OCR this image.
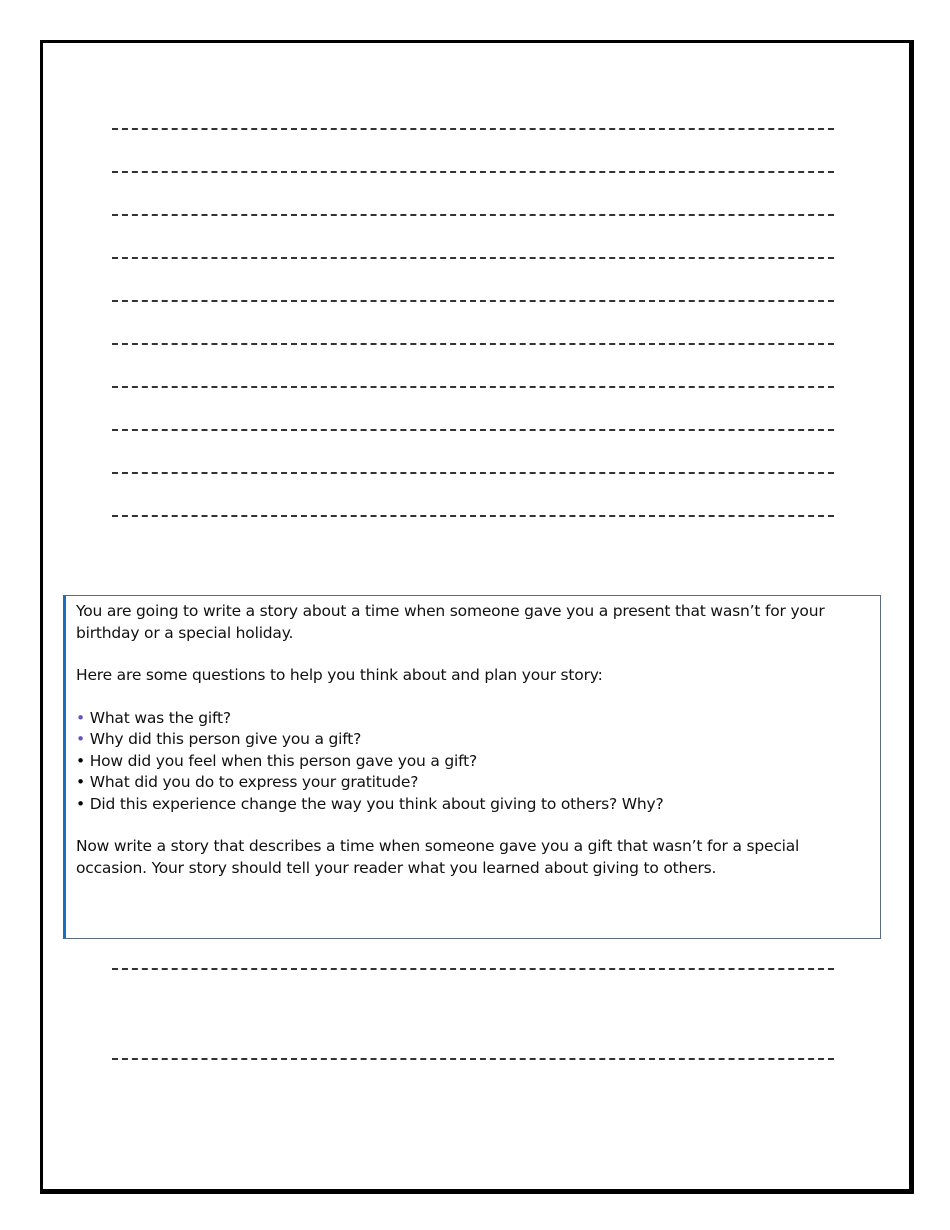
You are going to write a story about a time when someone gave you a present that wasn’t for your birthday or a special holiday.

Here are some questions to help you think about and plan your story:

• What was the gift?

• Why did this person give you a gift?

• How did you feel when this person gave you a gift?

• What did you do to express your gratitude?

• Did this experience change the way you think about giving to others? Why?

Now write a story that describes a time when someone gave you a gift that wasn’t for a special occasion. Your story should tell your reader what you learned about giving to others.
